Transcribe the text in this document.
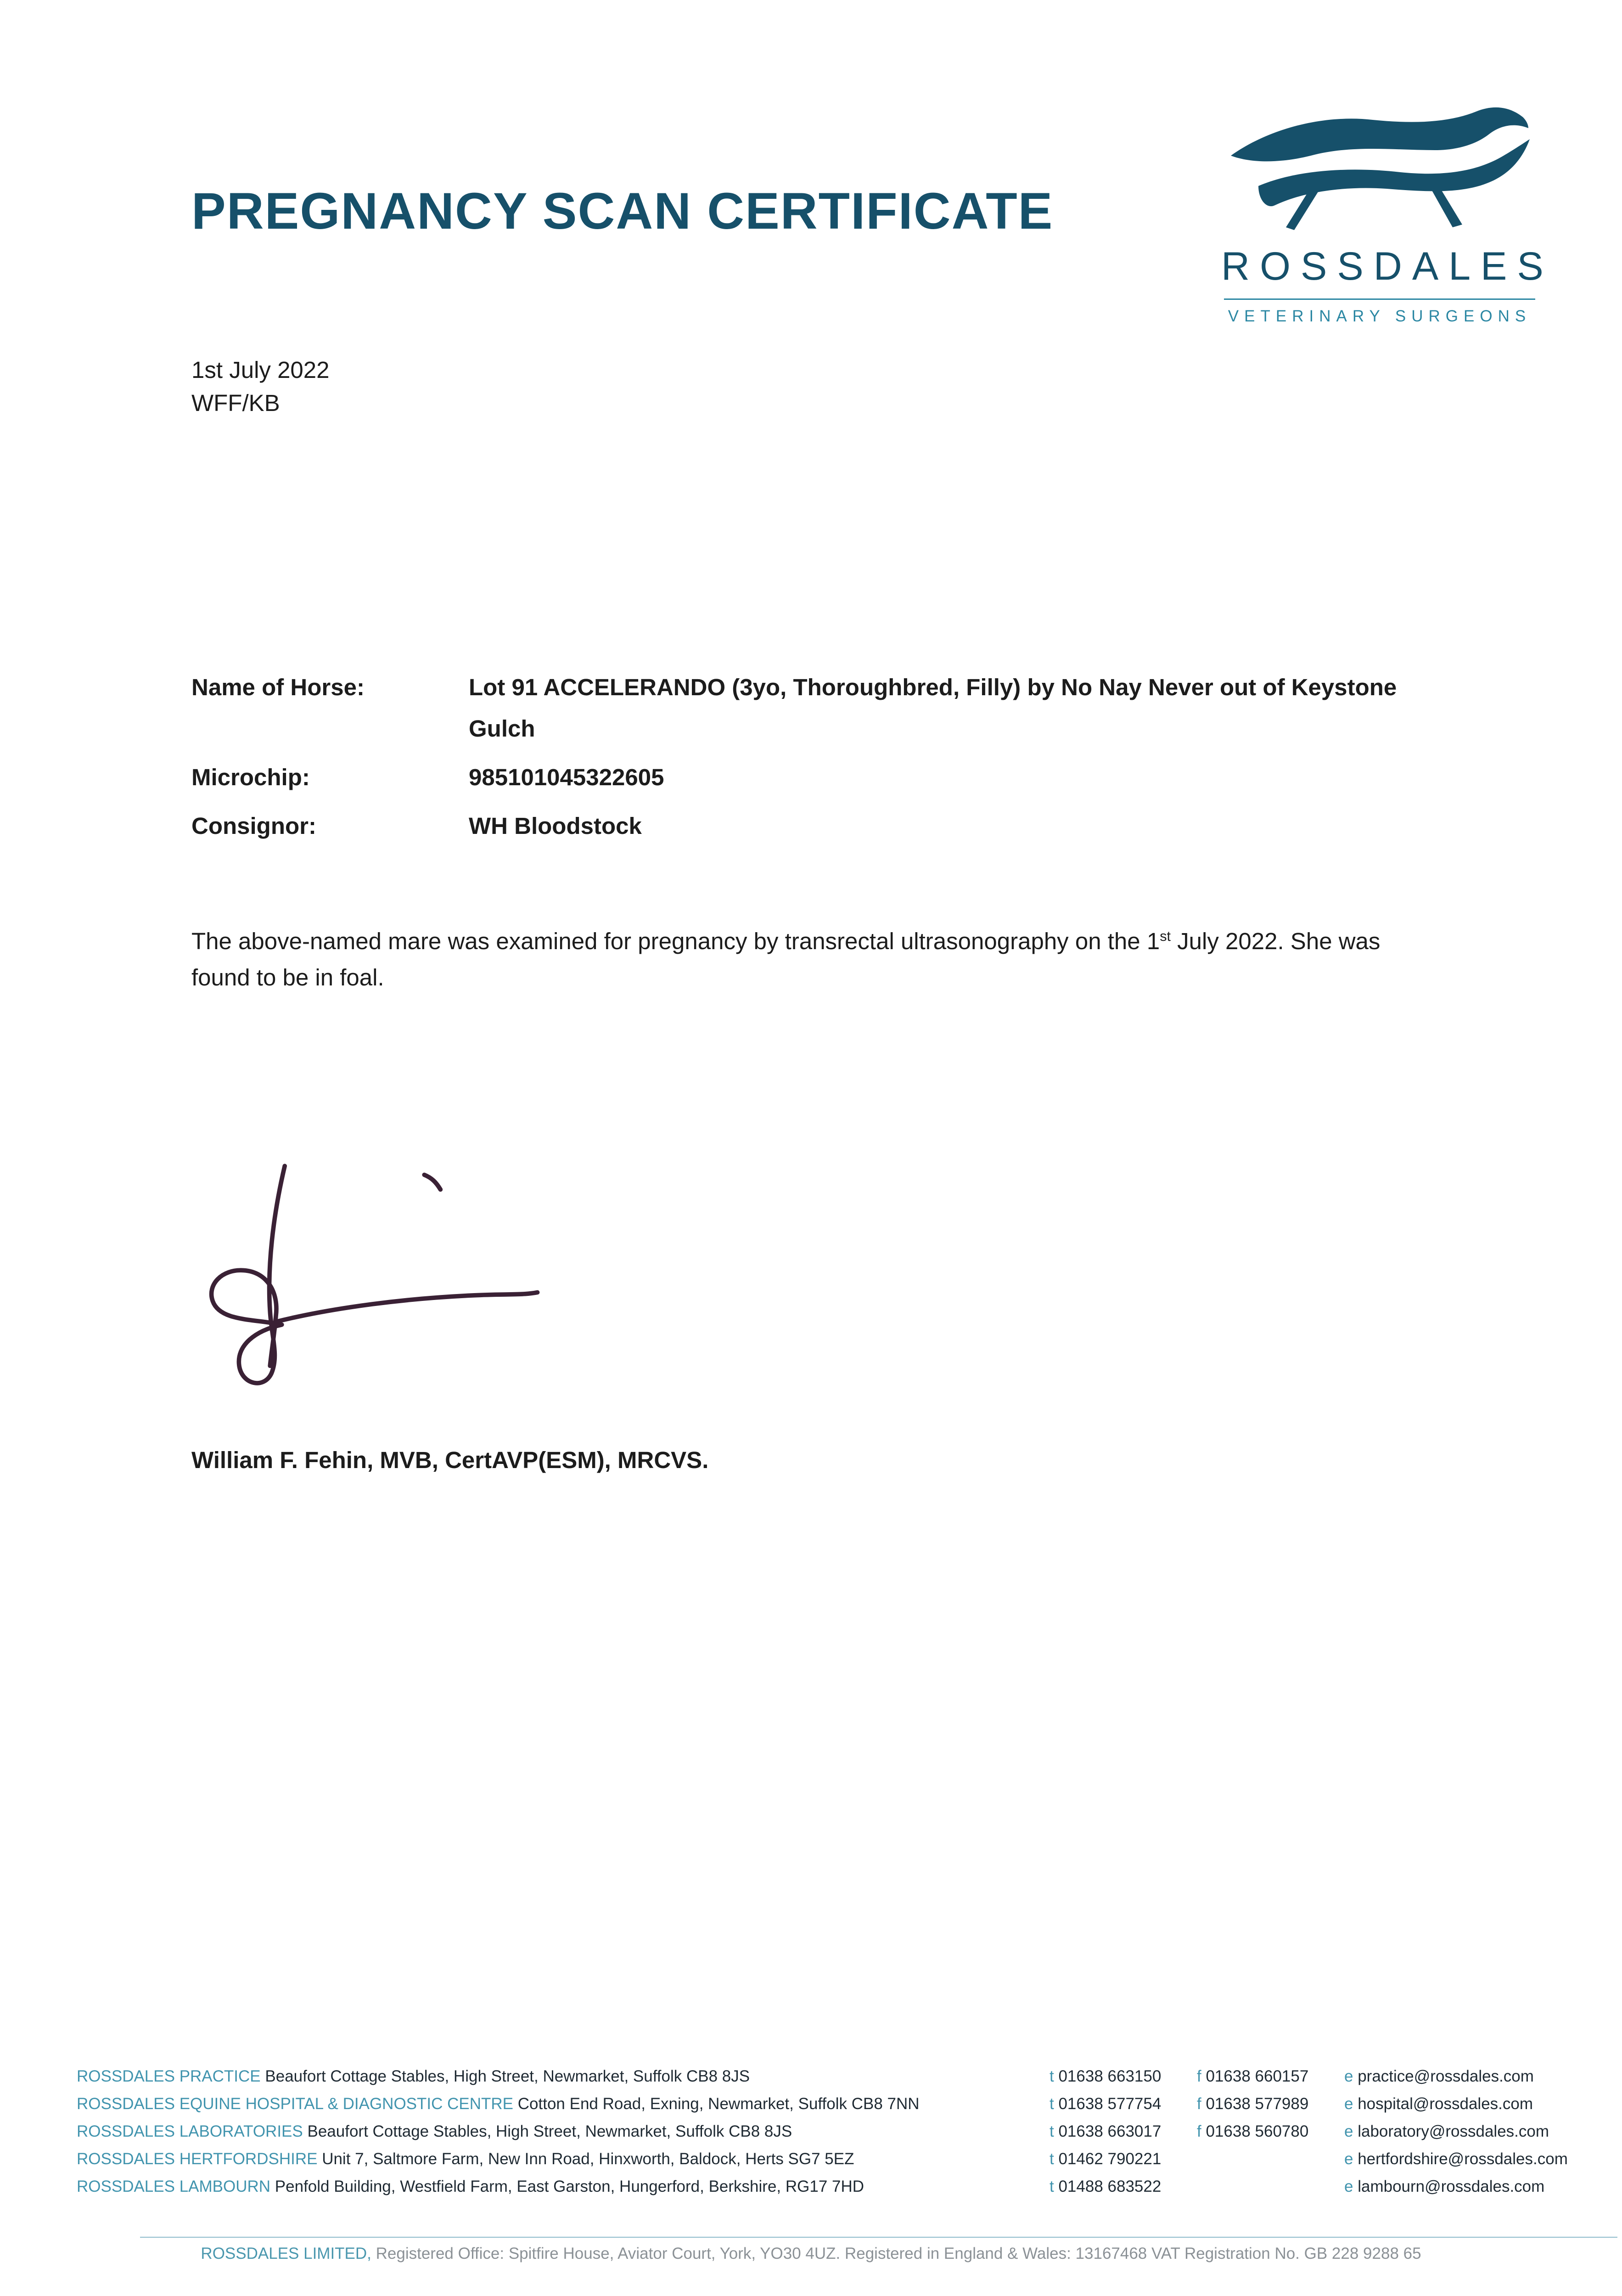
PREGNANCY SCAN CERTIFICATE
ROSSDALES
VETERINARY SURGEONS
1st July 2022
WFF/KB
Name of Horse:	Lot 91 ACCELERANDO (3yo, Thoroughbred, Filly) by No Nay Never out of Keystone Gulch
Microchip:	985101045322605
Consignor:	WH Bloodstock
The above-named mare was examined for pregnancy by transrectal ultrasonography on the 1st July 2022. She was found to be in foal.
William F. Fehin, MVB, CertAVP(ESM), MRCVS.
ROSSDALES PRACTICE Beaufort Cottage Stables, High Street, Newmarket, Suffolk CB8 8JS	t 01638 663150	f 01638 660157	e practice@rossdales.com
ROSSDALES EQUINE HOSPITAL & DIAGNOSTIC CENTRE Cotton End Road, Exning, Newmarket, Suffolk CB8 7NN	t 01638 577754	f 01638 577989	e hospital@rossdales.com
ROSSDALES LABORATORIES Beaufort Cottage Stables, High Street, Newmarket, Suffolk CB8 8JS	t 01638 663017	f 01638 560780	e laboratory@rossdales.com
ROSSDALES HERTFORDSHIRE Unit 7, Saltmore Farm, New Inn Road, Hinxworth, Baldock, Herts SG7 5EZ	t 01462 790221	e hertfordshire@rossdales.com
ROSSDALES LAMBOURN Penfold Building, Westfield Farm, East Garston, Hungerford, Berkshire, RG17 7HD	t 01488 683522	e lambourn@rossdales.com
ROSSDALES LIMITED, Registered Office: Spitfire House, Aviator Court, York, YO30 4UZ. Registered in England & Wales: 13167468 VAT Registration No. GB 228 9288 65
